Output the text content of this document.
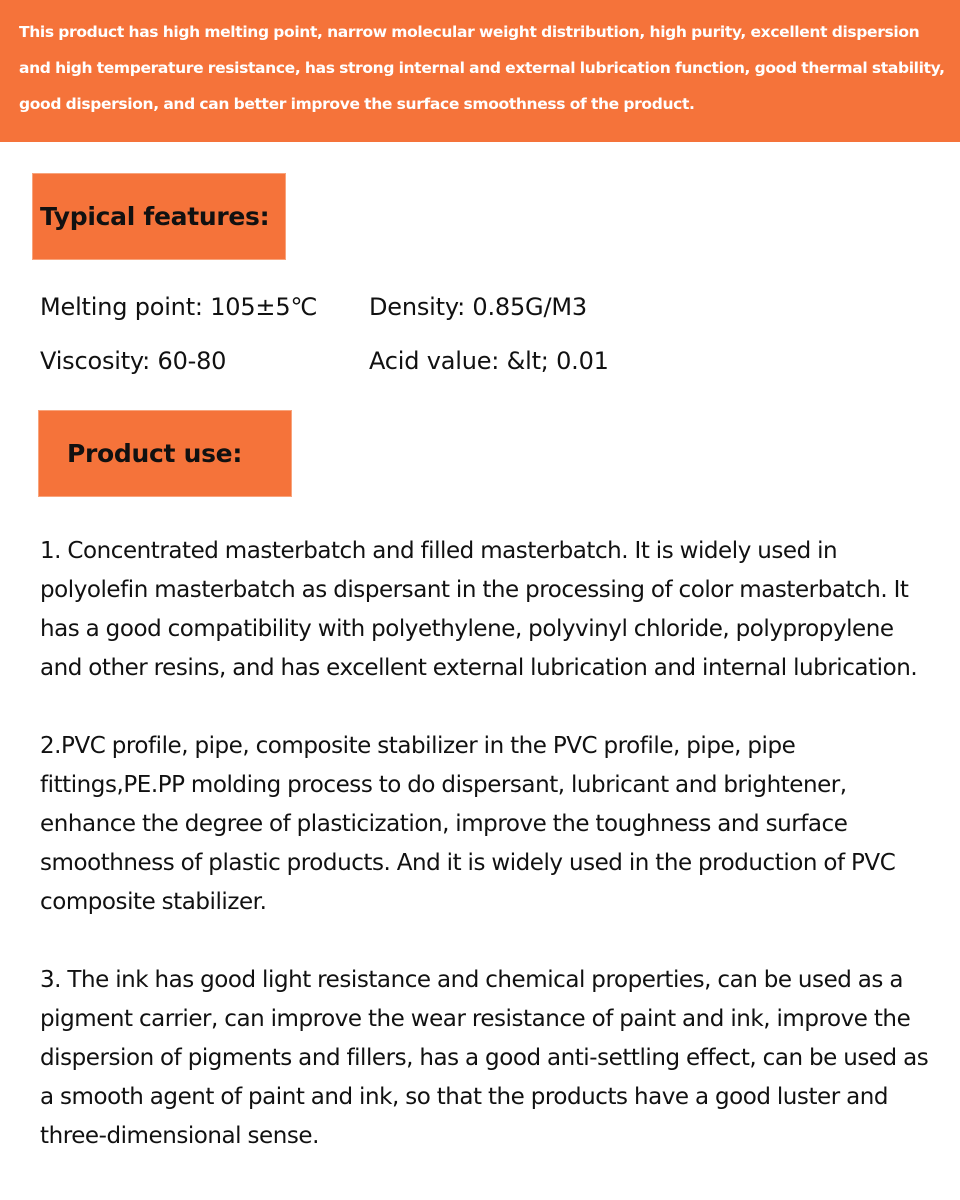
This product has high melting point, narrow molecular weight distribution, high purity, excellent dispersion and high temperature resistance, has strong internal and external lubrication function, good thermal stability, good dispersion, and can better improve the surface smoothness of the product.

Typical features:
Melting point: 105±5℃ Density: 0.85G/M3
Viscosity: 60-80	Acid value: &lt; 0.01
Product use:

1. Concentrated masterbatch and filled masterbatch. It is widely used in polyolefin masterbatch as dispersant in the processing of color masterbatch. It has a good compatibility with polyethylene, polyvinyl chloride, polypropylene and other resins, and has excellent external lubrication and internal lubrication.

2.PVC profile, pipe, composite stabilizer in the PVC profile, pipe, pipe fittings,PE.PP molding process to do dispersant, lubricant and brightener, enhance the degree of plasticization, improve the toughness and surface smoothness of plastic products. And it is widely used in the production of PVC composite stabilizer.

3. The ink has good light resistance and chemical properties, can be used as a pigment carrier, can improve the wear resistance of paint and ink, improve the dispersion of pigments and fillers, has a good anti-settling effect, can be used as a smooth agent of paint and ink, so that the products have a good luster and three-dimensional sense.
